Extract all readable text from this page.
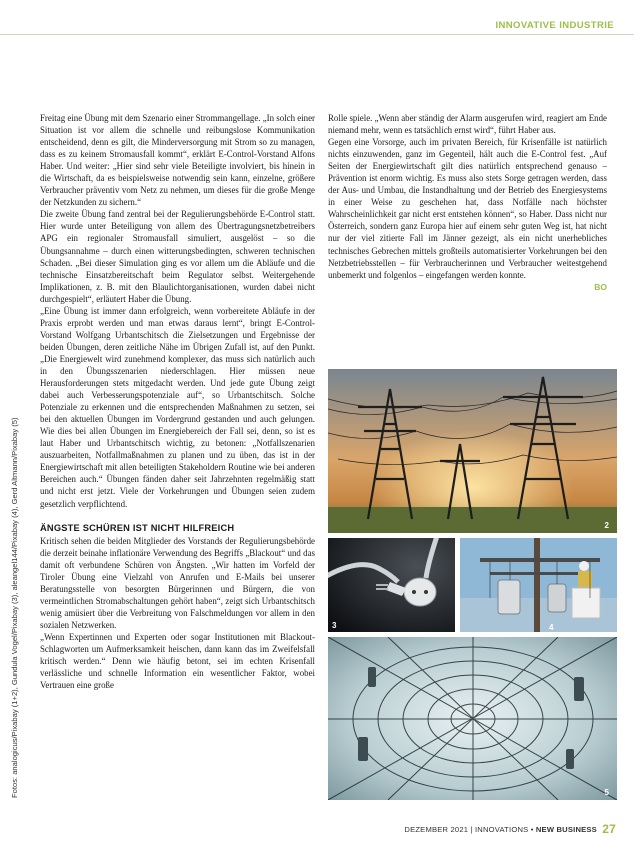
INNOVATIVE INDUSTRIE
Fotos: analogicus/Pixabay (1+2), Gundula Vogel/Pixabay (3), aleangel144/Pixabay (4), Gerd Altmann/Pixabay (5)

Freitag eine Übung mit dem Szenario einer Strommangellage. „In solch einer Situation ist vor allem die schnelle und reibungslose Kommunikation entscheidend, denn es gilt, die Minderversorgung mit Strom so zu managen, dass es zu keinem Stromausfall kommt“, erklärt E-Control-Vorstand Alfons Haber. Und weiter: „Hier sind sehr viele Beteiligte involviert, bis hinein in die Wirtschaft, da es beispielsweise notwendig sein kann, einzelne, größere Verbraucher präventiv vom Netz zu nehmen, um dieses für die große Menge der Netzkunden zu sichern.“

Die zweite Übung fand zentral bei der Regulierungsbehörde E-Control statt. Hier wurde unter Beteiligung von allem des Übertragungsnetzbetreibers APG ein regionaler Stromausfall simuliert, ausgelöst – so die Übungsannahme – durch einen witterungsbedingten, schweren technischen Schaden. „Bei dieser Simulation ging es vor allem um die Abläufe und die technische Einsatzbereitschaft beim Regulator selbst. Weitergehende Implikationen, z. B. mit den Blaulichtorganisationen, wurden dabei nicht durchgespielt“, erläutert Haber die Übung.

„Eine Übung ist immer dann erfolgreich, wenn vorbereitete Abläufe in der Praxis erprobt werden und man etwas daraus lernt“, bringt E-Control-Vorstand Wolfgang Urbantschitsch die Zielsetzungen und Ergebnisse der beiden Übungen, deren zeitliche Nähe im Übrigen Zufall ist, auf den Punkt. „Die Energiewelt wird zunehmend komplexer, das muss sich natürlich auch in den Übungsszenarien niederschlagen. Hier müssen neue Herausforderungen stets mitgedacht werden. Und jede gute Übung zeigt dabei auch Verbesserungspotenziale auf“, so Urbantschitsch. Solche Potenziale zu erkennen und die entsprechenden Maßnahmen zu setzen, sei bei den aktuellen Übungen im Vordergrund gestanden und auch gelungen. Wie dies bei allen Übungen im Energiebereich der Fall sei, denn, so ist es laut Haber und Urbantschitsch wichtig, zu betonen: „Notfallszenarien auszuarbeiten, Notfallmaßnahmen zu planen und zu üben, das ist in der Energiewirtschaft mit allen beteiligten Stakeholdern Routine wie bei anderen Bereichen auch.“ Übungen fänden daher seit Jahrzehnten regelmäßig statt und nicht erst jetzt. Viele der Vorkehrungen und Übungen seien zudem gesetzlich verpflichtend.

ÄNGSTE SCHÜREN IST NICHT HILFREICH

Kritisch sehen die beiden Mitglieder des Vorstands der Regulierungsbehörde die derzeit beinahe inflationäre Verwendung des Begriffs „Blackout“ und das damit oft verbundene Schüren von Ängsten. „Wir hatten im Vorfeld der Tiroler Übung eine Vielzahl von Anrufen und E-Mails bei unserer Beratungsstelle von besorgten Bürgerinnen und Bürgern, die von vermeintlichen Stromabschaltungen gehört haben“, zeigt sich Urbantschitsch wenig amüsiert über die Verbreitung von Falschmeldungen vor allem in den sozialen Netzwerken.

„Wenn Expertinnen und Experten oder sogar Institutionen mit Blackout-Schlagworten um Aufmerksamkeit heischen, dann kann das im Zweifelsfall kritisch werden.“ Denn wie häufig betont, sei im echten Krisenfall verlässliche und schnelle Information ein wesentlicher Faktor, wobei Vertrauen eine große

Rolle spiele. „Wenn aber ständig der Alarm ausgerufen wird, reagiert am Ende niemand mehr, wenn es tatsächlich ernst wird“, führt Haber aus.

Gegen eine Vorsorge, auch im privaten Bereich, für Krisenfälle ist natürlich nichts einzuwenden, ganz im Gegenteil, hält auch die E-Control fest. „Auf Seiten der Energiewirtschaft gilt dies natürlich entsprechend genauso – Prävention ist enorm wichtig. Es muss also stets Sorge getragen werden, dass der Aus- und Umbau, die Instandhaltung und der Betrieb des Energiesystems in einer Weise zu geschehen hat, dass Notfälle nach höchster Wahrscheinlichkeit gar nicht erst entstehen können“, so Haber. Dass nicht nur Österreich, sondern ganz Europa hier auf einem sehr guten Weg ist, hat nicht nur der viel zitierte Fall im Jänner gezeigt, als ein nicht unerhebliches technisches Gebrechen mittels großteils automatisierter Vorkehrungen bei den Netzbetriebsstellen – für Verbraucherinnen und Verbraucher weitestgehend unbemerkt und folgenlos – eingefangen werden konnte.

BO
2
3
5
4
DEZEMBER 2021 | INNOVATIONS • NEW BUSINESS 27
